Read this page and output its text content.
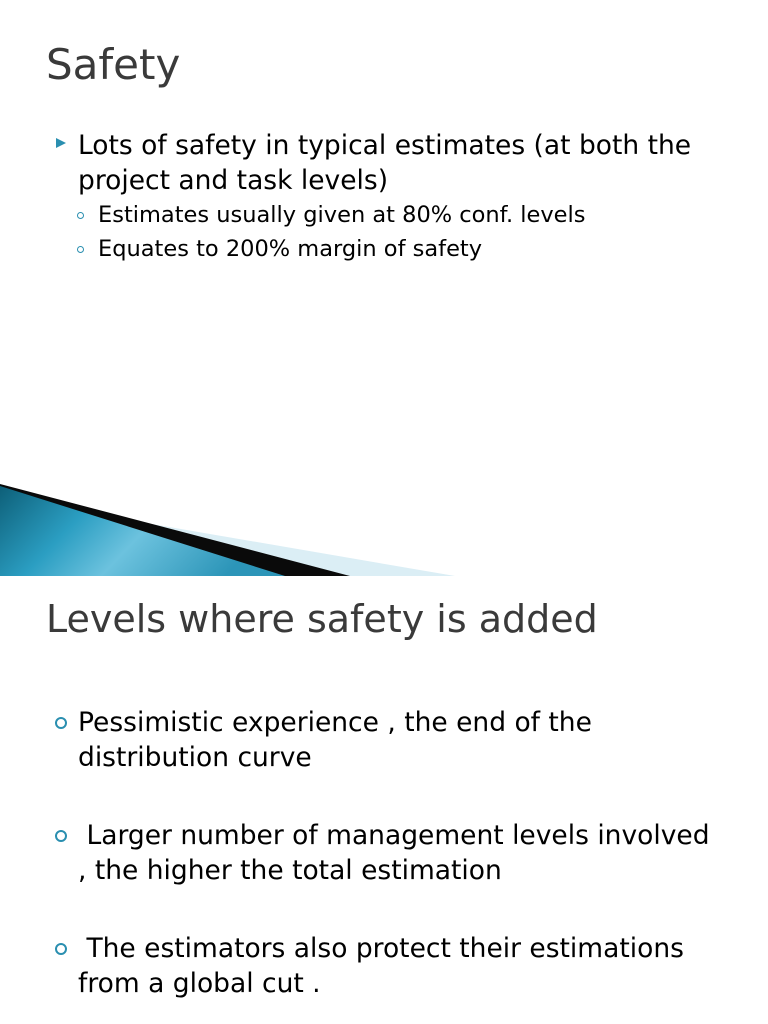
Safety
Lots of safety in typical estimates (at both the project and task levels)
Estimates usually given at 80% conf. levels
Equates to 200% margin of safety
Levels where safety is added
Pessimistic experience , the end of the distribution curve
Larger number of management levels involved , the higher the total estimation
The estimators also protect their estimations from a global cut .
